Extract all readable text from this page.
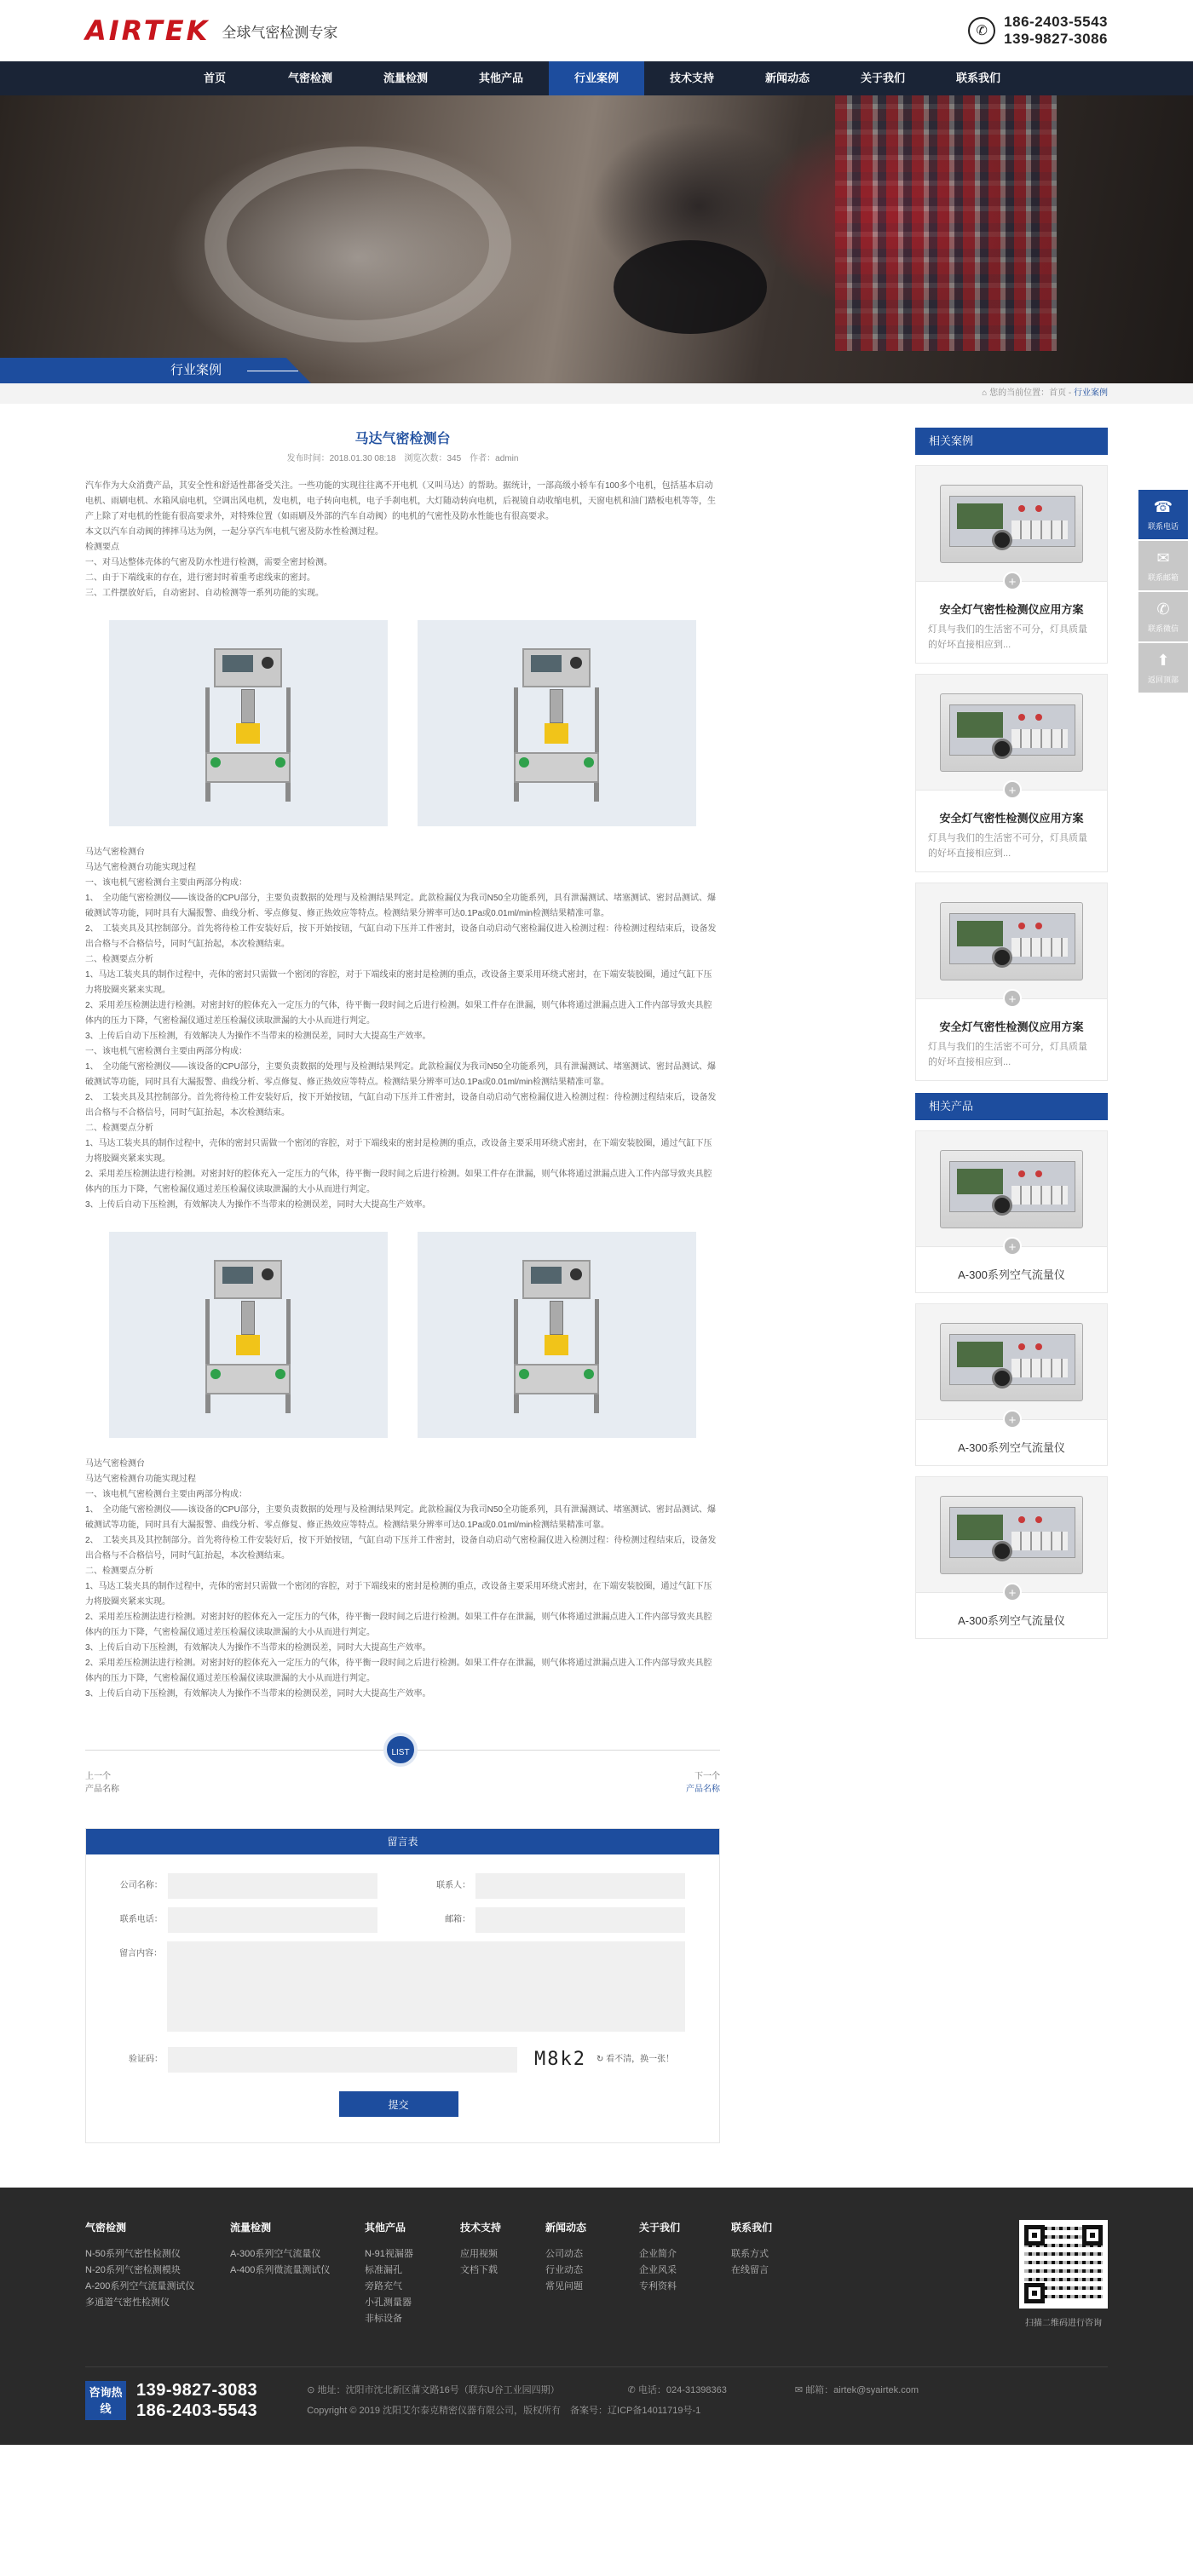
AIRTEK 全球气密检测专家	✆
186-2403-5543
139-9827-3086
首页	气密检测	流量检测	其他产品	行业案例	技术支持	新闻动态	关于我们	联系我们
行业案例
⌂ 您的当前位置：首页 - 行业案例
马达气密检测台
发布时间：2018.01.30 08:18　浏览次数：345　作者：admin

汽车作为大众消费产品，其安全性和舒适性都备受关注。一些功能的实现往往离不开电机（又叫马达）的帮助。据统计，一部高级小轿车有100多个电机，包括基本启动电机、雨刷电机、水箱风扇电机，空调出风电机，发电机，电子转向电机，电子手刹电机，大灯随动转向电机，后视镜自动收缩电机，天窗电机和油门踏板电机等等，生产上除了对电机的性能有很高要求外，对特殊位置（如雨刷及外部的汽车自动阀）的电机的气密性及防水性能也有很高要求。

本文以汽车自动阀的摔摔马达为例，一起分享汽车电机气密及防水性检测过程。

检测要点

一、对马达整体壳体的气密及防水性进行检测，需要全密封检测。

二、由于下端线束的存在，进行密封时着重考虑线束的密封。

三、工件摆放好后，自动密封、自动检测等一系列功能的实现。

马达气密检测台

马达气密检测台功能实现过程

一、该电机气密检测台主要由两部分构成：

1、　全功能气密检测仪——该设备的CPU部分，主要负责数据的处理与及检测结果判定。此款检漏仪为我司N50全功能系列，具有泄漏测试、堵塞测试、密封品测试、爆破测试等功能，同时具有大漏报警、曲线分析、零点修复、修正热效应等特点。检测结果分辨率可达0.1Pa或0.01ml/min检测结果精准可靠。

2、　工装夹具及其控制部分。首先将待检工件安装好后，按下开始按钮，气缸自动下压并工件密封，设备自动启动气密检漏仪进入检测过程：待检测过程结束后，设备发出合格与不合格信号，同时气缸抬起，本次检测结束。

二、检测要点分析

1、马达工装夹具的制作过程中，壳体的密封只需做一个密闭的容腔，对于下端线束的密封是检测的重点，改设备主要采用环绕式密封，在下端安装胶圈，通过气缸下压力将胶圈夹紧来实现。

2、采用差压检测法进行检测。对密封好的腔体充入一定压力的气体，待平衡一段时间之后进行检测。如果工件存在泄漏，则气体将通过泄漏点进入工件内部导致夹具腔体内的压力下降，气密检漏仪通过差压检漏仪读取泄漏的大小从而进行判定。

3、上传后自动下压检测，有效解决人为操作不当带来的检测误差，同时大大提高生产效率。

一、该电机气密检测台主要由两部分构成：

1、　全功能气密检测仪——该设备的CPU部分，主要负责数据的处理与及检测结果判定。此款检漏仪为我司N50全功能系列，具有泄漏测试、堵塞测试、密封品测试、爆破测试等功能，同时具有大漏报警、曲线分析、零点修复、修正热效应等特点。检测结果分辨率可达0.1Pa或0.01ml/min检测结果精准可靠。

2、　工装夹具及其控制部分。首先将待检工件安装好后，按下开始按钮，气缸自动下压并工件密封，设备自动启动气密检漏仪进入检测过程：待检测过程结束后，设备发出合格与不合格信号，同时气缸抬起，本次检测结束。

二、检测要点分析

1、马达工装夹具的制作过程中，壳体的密封只需做一个密闭的容腔，对于下端线束的密封是检测的重点，改设备主要采用环绕式密封，在下端安装胶圈，通过气缸下压力将胶圈夹紧来实现。

2、采用差压检测法进行检测。对密封好的腔体充入一定压力的气体，待平衡一段时间之后进行检测。如果工件存在泄漏，则气体将通过泄漏点进入工件内部导致夹具腔体内的压力下降，气密检漏仪通过差压检漏仪读取泄漏的大小从而进行判定。

3、上传后自动下压检测，有效解决人为操作不当带来的检测误差，同时大大提高生产效率。

马达气密检测台

马达气密检测台功能实现过程

一、该电机气密检测台主要由两部分构成：

1、　全功能气密检测仪——该设备的CPU部分，主要负责数据的处理与及检测结果判定。此款检漏仪为我司N50全功能系列，具有泄漏测试、堵塞测试、密封品测试、爆破测试等功能，同时具有大漏报警、曲线分析、零点修复、修正热效应等特点。检测结果分辨率可达0.1Pa或0.01ml/min检测结果精准可靠。

2、　工装夹具及其控制部分。首先将待检工件安装好后，按下开始按钮，气缸自动下压并工件密封，设备自动启动气密检漏仪进入检测过程：待检测过程结束后，设备发出合格与不合格信号，同时气缸抬起，本次检测结束。

二、检测要点分析

1、马达工装夹具的制作过程中，壳体的密封只需做一个密闭的容腔，对于下端线束的密封是检测的重点，改设备主要采用环绕式密封，在下端安装胶圈，通过气缸下压力将胶圈夹紧来实现。

2、采用差压检测法进行检测。对密封好的腔体充入一定压力的气体，待平衡一段时间之后进行检测。如果工件存在泄漏，则气体将通过泄漏点进入工件内部导致夹具腔体内的压力下降，气密检漏仪通过差压检漏仪读取泄漏的大小从而进行判定。

3、上传后自动下压检测，有效解决人为操作不当带来的检测误差，同时大大提高生产效率。

2、采用差压检测法进行检测。对密封好的腔体充入一定压力的气体，待平衡一段时间之后进行检测。如果工件存在泄漏，则气体将通过泄漏点进入工件内部导致夹具腔体内的压力下降，气密检漏仪通过差压检漏仪读取泄漏的大小从而进行判定。

3、上传后自动下压检测，有效解决人为操作不当带来的检测误差，同时大大提高生产效率。

LIST
上一个
产品名称
下一个
产品名称
留言表
公司名称：	联系人：
联系电话：	邮箱：
留言内容：
验证码：	M8k2 ↻ 看不清，换一张！
提交
相关案例
+
安全灯气密性检测仪应用方案
灯具与我们的生活密不可分，灯具质量的好坏直接相应到...
+
安全灯气密性检测仪应用方案
灯具与我们的生活密不可分，灯具质量的好坏直接相应到...
+
安全灯气密性检测仪应用方案
灯具与我们的生活密不可分，灯具质量的好坏直接相应到...
相关产品
+
A-300系列空气流量仪
+
A-300系列空气流量仪
+
A-300系列空气流量仪
☎
联系电话
✉
联系邮箱
✆
联系微信
⬆
返回顶部
气密检测
N-50系列气密性检测仪
N-20系列气密检测模块
A-200系列空气流量测试仪
多通道气密性检测仪
流量检测
A-300系列空气流量仪
A-400系列微流量测试仪
其他产品
N-91视漏器
标准漏孔
旁路充气
小孔测量器
非标设备
技术支持
应用视频
文档下载
新闻动态
公司动态
行业动态
常见问题
关于我们
企业简介
企业风采
专利资料
联系我们
联系方式
在线留言
扫描二维码进行咨询
咨询热线
139-9827-3083
186-2403-5543
⊙ 地址：沈阳市沈北新区蒲文路16号（联东U谷工业园四期）	✆ 电话：024-31398363	✉ 邮箱：airtek@syairtek.com
Copyright © 2019 沈阳艾尔泰克精密仪器有限公司，版权所有　备案号：辽ICP备14011719号-1
